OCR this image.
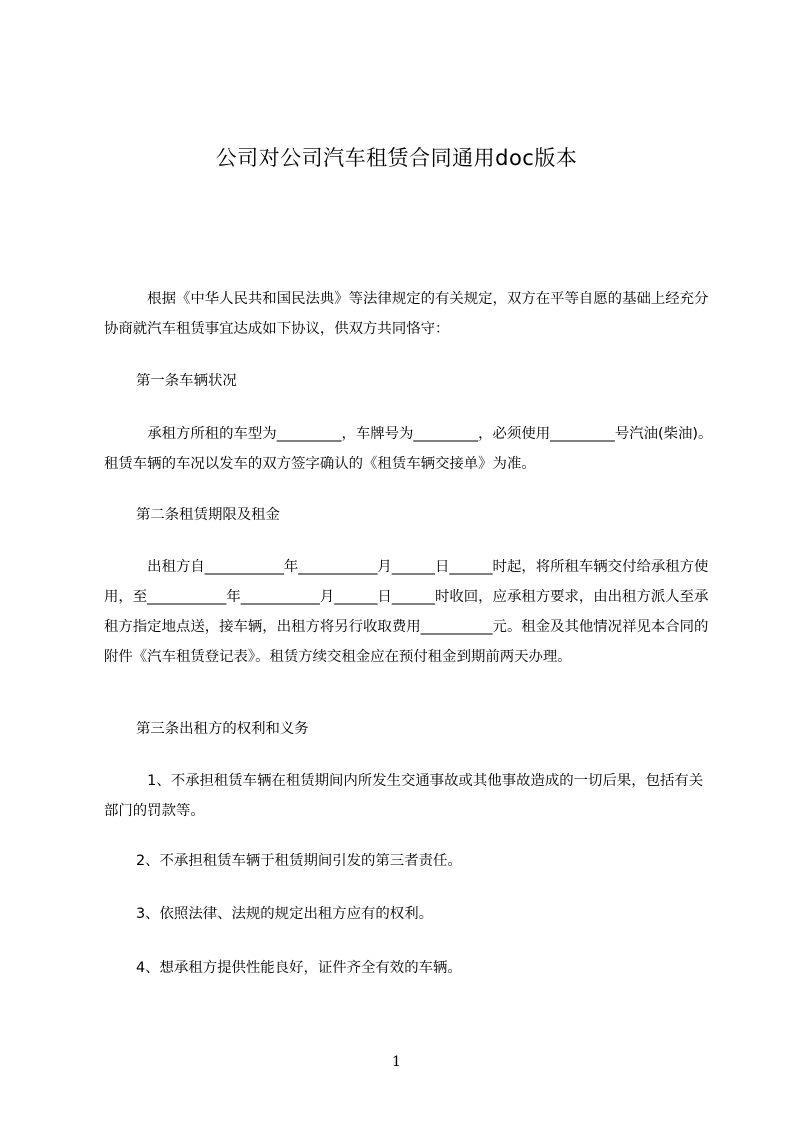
公司对公司汽车租赁合同通用doc版本

　　　根据《中华人民共和国民法典》等法律规定的有关规定，双方在平等自愿的基础上经充分协商就汽车租赁事宜达成如下协议，供双方共同恪守：

第一条车辆状况

　　　承租方所租的车型为_________，车牌号为_________，必须使用_________号汽油(柴油)。租赁车辆的车况以发车的双方签字确认的《租赁车辆交接单》为准。

第二条租赁期限及租金

　　　出租方自___________年___________月______日______时起，将所租车辆交付给承租方使用，至___________年___________月______日______时收回，应承租方要求，由出租方派人至承租方指定地点送，接车辆，出租方将另行收取费用__________元。租金及其他情况祥见本合同的附件《汽车租赁登记表》。租赁方续交租金应在预付租金到期前两天办理。

第三条出租方的权利和义务

　　　1、不承担租赁车辆在租赁期间内所发生交通事故或其他事故造成的一切后果，包括有关部门的罚款等。

2、不承担租赁车辆于租赁期间引发的第三者责任。

3、依照法律、法规的规定出租方应有的权利。

4、想承租方提供性能良好，证件齐全有效的车辆。

1
